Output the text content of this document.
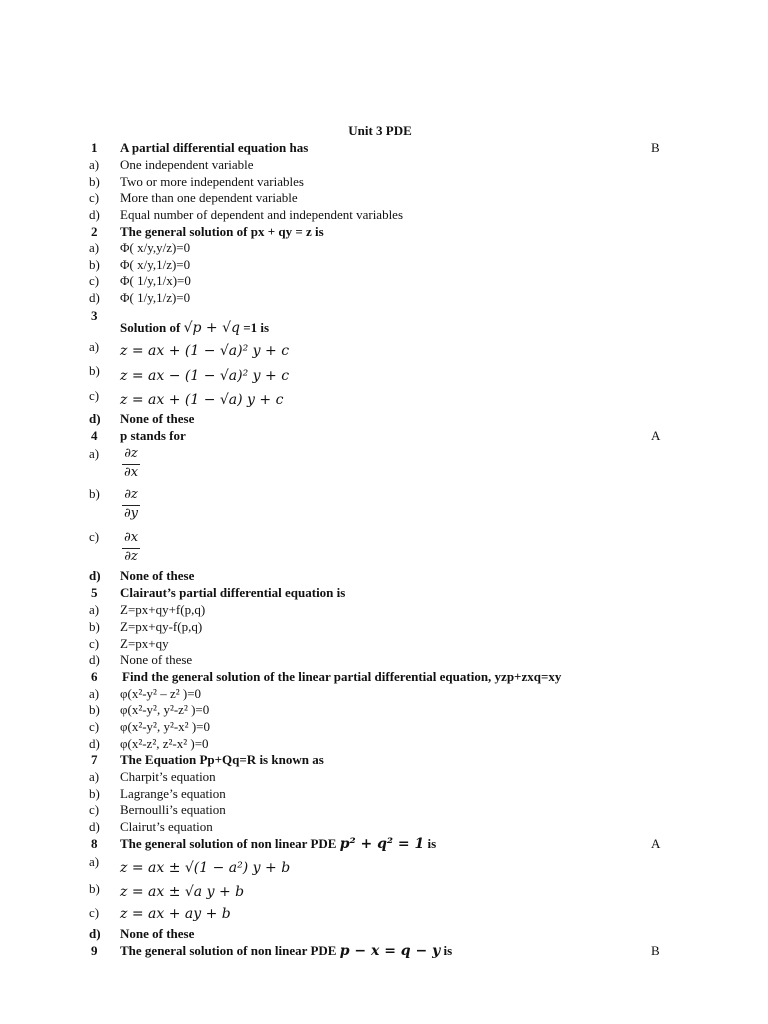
Unit 3 PDE
1 A partial differential equation has	B
a) One independent variable
b) Two or more independent variables
c) More than one dependent variable
d) Equal number of dependent and independent variables
2 The general solution of px + qy = z is
a) Φ( x/y,y/z)=0
b) Φ( x/y,1/z)=0
c) Φ( 1/y,1/x)=0
d) Φ( 1/y,1/z)=0
3
Solution of √p + √q =1 is
a) z = ax + (1 − √a)² y + c
b) z = ax − (1 − √a)² y + c
c) z = ax + (1 − √a) y + c
d) None of these
4 p stands for	A
a) ∂z
∂x
b) ∂z
∂y
c) ∂x
∂z
d) None of these
5 Clairaut’s partial differential equation is
a) Z=px+qy+f(p,q)
b) Z=px+qy-f(p,q)
c) Z=px+qy
d) None of these
6 Find the general solution of the linear partial differential equation, yzp+zxq=xy
a) φ(x²-y² – z² )=0
b) φ(x²-y², y²-z² )=0
c) φ(x²-y², y²-x² )=0
d) φ(x²-z², z²-x² )=0
7 The Equation Pp+Qq=R is known as
a) Charpit’s equation
b) Lagrange’s equation
c) Bernoulli’s equation
d) Clairut’s equation
8 The general solution of non linear PDE p² + q² = 1 is	A
a) z = ax ± √(1 − a²) y + b
b) z = ax ± √a y + b
c) z = ax + ay + b
d) None of these
9 The general solution of non linear PDE p − x = q − y is	B
